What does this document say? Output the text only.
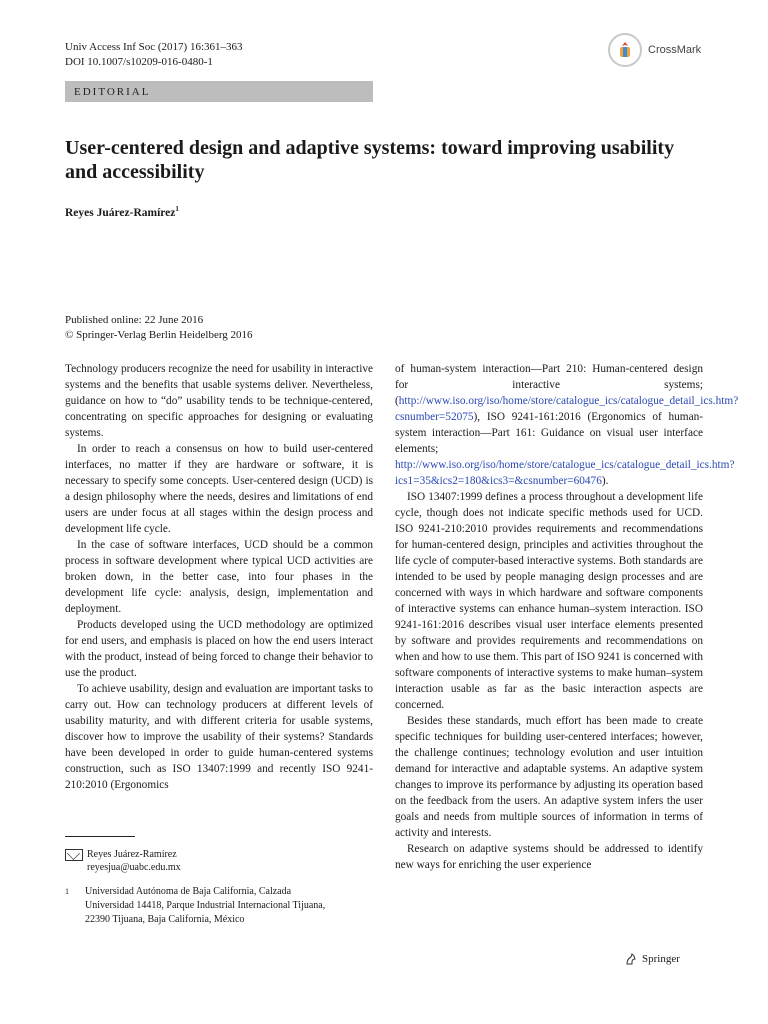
Univ Access Inf Soc (2017) 16:361–363
DOI 10.1007/s10209-016-0480-1
CrossMark
EDITORIAL
User-centered design and adaptive systems: toward improving usability and accessibility
Reyes Juárez-Ramírez$^1$
Published online: 22 June 2016
© Springer-Verlag Berlin Heidelberg 2016

Technology producers recognize the need for usability in interactive systems and the benefits that usable systems deliver. Nevertheless, guidance on how to “do” usability tends to be technique-centered, concentrating on specific approaches for designing or evaluating systems.

In order to reach a consensus on how to build user-centered interfaces, no matter if they are hardware or software, it is necessary to specify some concepts. User-centered design (UCD) is a design philosophy where the needs, desires and limitations of end users are under focus at all stages within the design process and development life cycle.

In the case of software interfaces, UCD should be a common process in software development where typical UCD activities are broken down, in the better case, into four phases in the development life cycle: analysis, design, implementation and deployment.

Products developed using the UCD methodology are optimized for end users, and emphasis is placed on how the end users interact with the product, instead of being forced to change their behavior to use the product.

To achieve usability, design and evaluation are important tasks to carry out. How can technology producers at different levels of usability maturity, and with different criteria for usable systems, discover how to improve the usability of their systems? Standards have been developed in order to guide human-centered systems construction, such as ISO 13407:1999 and recently ISO 9241-210:2010 (Ergonomics

of human-system interaction—Part 210: Human-centered design for interactive systems; (http://www.iso.org/iso/home/store/catalogue_ics/catalogue_detail_ics.htm?csnumber=52075), ISO 9241-161:2016 (Ergonomics of human-system interaction—Part 161: Guidance on visual user interface elements; http://www.iso.org/iso/home/store/catalogue_ics/catalogue_detail_ics.htm?ics1=35&ics2=180&ics3=&csnumber=60476).

ISO 13407:1999 defines a process throughout a development life cycle, though does not indicate specific methods used for UCD. ISO 9241-210:2010 provides requirements and recommendations for human-centered design, principles and activities throughout the life cycle of computer-based interactive systems. Both standards are intended to be used by people managing design processes and are concerned with ways in which hardware and software components of interactive systems can enhance human–system interaction. ISO 9241-161:2016 describes visual user interface elements presented by software and provides requirements and recommendations on when and how to use them. This part of ISO 9241 is concerned with software components of interactive systems to make human–system interaction usable as far as the basic interaction aspects are concerned.

Besides these standards, much effort has been made to create specific techniques for building user-centered interfaces; however, the challenge continues; technology evolution and user intuition demand for interactive and adaptable systems. An adaptive system changes to improve its performance by adjusting its operation based on the feedback from the users. An adaptive system infers the user goals and needs from multiple sources of information in terms of activity and interests.

Research on adaptive systems should be addressed to identify new ways for enriching the user experience

Reyes Juárez-Ramírez
reyesjua@uabc.edu.mx
1	Universidad Autónoma de Baja California, Calzada
Universidad 14418, Parque Industrial Internacional Tijuana,
22390 Tijuana, Baja California, México
Springer
